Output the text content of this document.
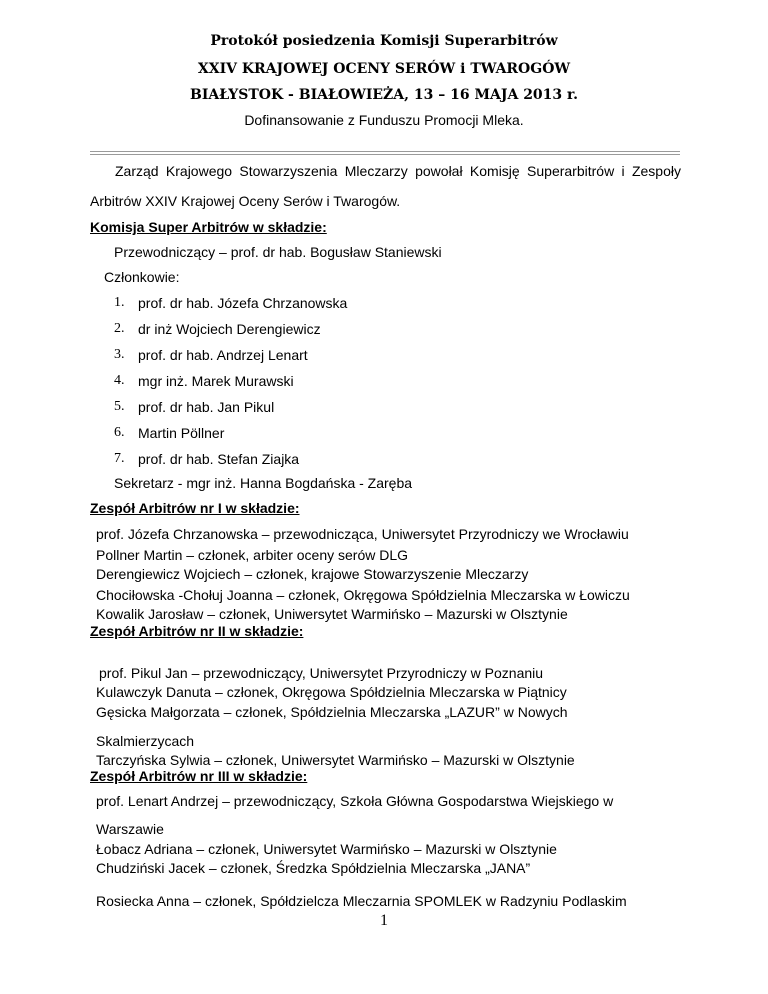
Protokół posiedzenia Komisji Superarbitrów
XXIV KRAJOWEJ OCENY SERÓW i TWAROGÓW
BIAŁYSTOK - BIAŁOWIEŻA, 13 – 16 MAJA 2013 r.
Dofinansowanie z Funduszu Promocji Mleka.
Zarząd Krajowego Stowarzyszenia Mleczarzy powołał Komisję Superarbitrów i Zespoły
Arbitrów XXIV Krajowej Oceny Serów i Twarogów.
Komisja Super Arbitrów w składzie:
Przewodniczący – prof. dr hab. Bogusław Staniewski
Członkowie:
1. prof. dr hab. Józefa Chrzanowska
2. dr inż Wojciech Derengiewicz
3. prof. dr hab. Andrzej Lenart
4. mgr inż. Marek Murawski
5. prof. dr hab. Jan Pikul
6. Martin Pöllner
7. prof. dr hab. Stefan Ziajka
Sekretarz - mgr inż. Hanna Bogdańska - Zaręba
Zespół Arbitrów nr I w składzie:
prof. Józefa Chrzanowska – przewodnicząca, Uniwersytet Przyrodniczy we Wrocławiu
Pollner Martin – członek, arbiter oceny serów DLG
Derengiewicz Wojciech – członek, krajowe Stowarzyszenie Mleczarzy
Chociłowska -Chołuj Joanna – członek, Okręgowa Spółdzielnia Mleczarska w Łowiczu
Kowalik Jarosław – członek, Uniwersytet Warmińsko – Mazurski w Olsztynie
Zespół Arbitrów nr II w składzie:
prof. Pikul Jan – przewodniczący, Uniwersytet Przyrodniczy w Poznaniu
Kulawczyk Danuta – członek, Okręgowa Spółdzielnia Mleczarska w Piątnicy
Gęsicka Małgorzata – członek, Spółdzielnia Mleczarska „LAZUR” w Nowych
Skalmierzycach
Tarczyńska Sylwia – członek, Uniwersytet Warmińsko – Mazurski w Olsztynie
Zespół Arbitrów nr III w składzie:
prof. Lenart Andrzej – przewodniczący, Szkoła Główna Gospodarstwa Wiejskiego w
Warszawie
Łobacz Adriana – członek, Uniwersytet Warmińsko – Mazurski w Olsztynie
Chudziński Jacek – członek, Średzka Spółdzielnia Mleczarska „JANA”
Rosiecka Anna – członek, Spółdzielcza Mleczarnia SPOMLEK w Radzyniu Podlaskim
1
